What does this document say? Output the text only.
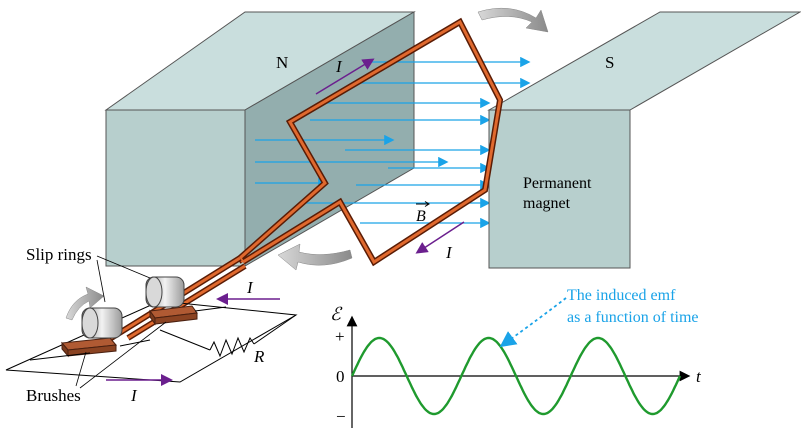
I
I
N	S
Permanent
magnet
B
I
I
R
Slip rings
Brushes
ℰ
t
+
0
−
The induced emf
as a function of time
